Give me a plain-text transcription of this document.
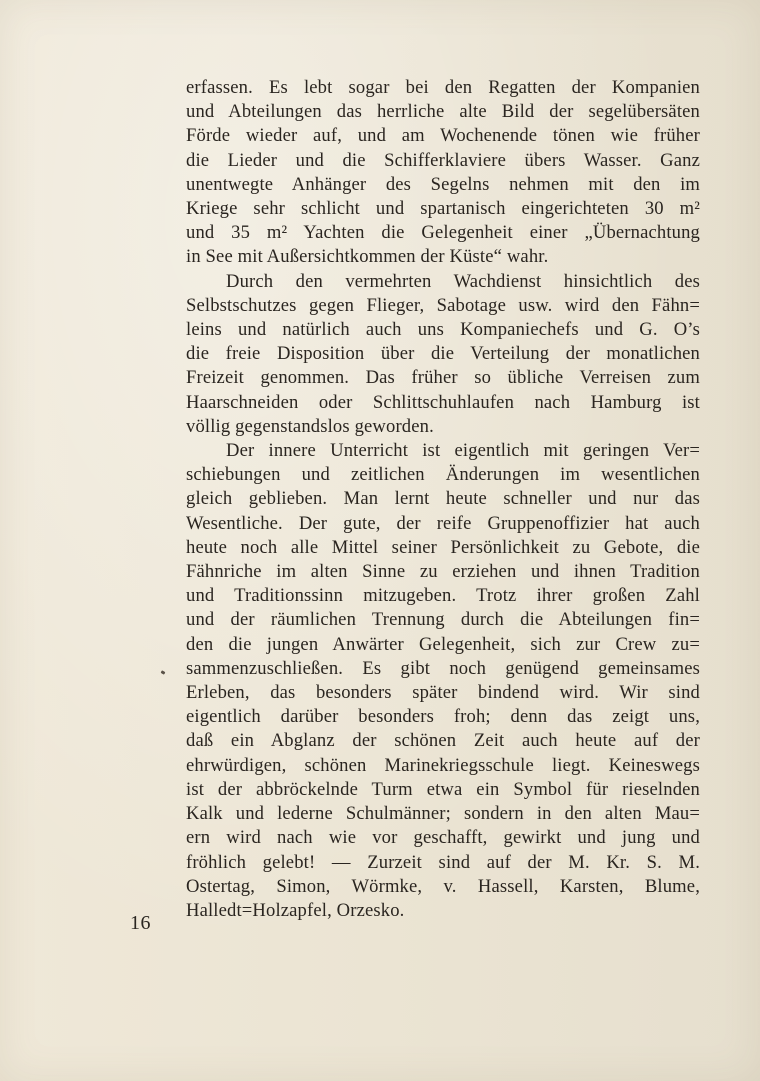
erfassen. Es lebt sogar bei den Regatten der Kompanien
und Abteilungen das herrliche alte Bild der segelübersäten
Förde wieder auf, und am Wochenende tönen wie früher
die Lieder und die Schifferklaviere übers Wasser. Ganz
unentwegte Anhänger des Segelns nehmen mit den im
Kriege sehr schlicht und spartanisch eingerichteten 30 m²
und 35 m² Yachten die Gelegenheit einer „Übernachtung
in See mit Außersichtkommen der Küste“ wahr.
Durch den vermehrten Wachdienst hinsichtlich des
Selbstschutzes gegen Flieger, Sabotage usw. wird den Fähn=
leins und natürlich auch uns Kompaniechefs und G. O’s
die freie Disposition über die Verteilung der monatlichen
Freizeit genommen. Das früher so übliche Verreisen zum
Haarschneiden oder Schlittschuhlaufen nach Hamburg ist
völlig gegenstandslos geworden.
Der innere Unterricht ist eigentlich mit geringen Ver=
schiebungen und zeitlichen Änderungen im wesentlichen
gleich geblieben. Man lernt heute schneller und nur das
Wesentliche. Der gute, der reife Gruppenoffizier hat auch
heute noch alle Mittel seiner Persönlichkeit zu Gebote, die
Fähnriche im alten Sinne zu erziehen und ihnen Tradition
und Traditionssinn mitzugeben. Trotz ihrer großen Zahl
und der räumlichen Trennung durch die Abteilungen fin=
den die jungen Anwärter Gelegenheit, sich zur Crew zu=
sammenzuschließen. Es gibt noch genügend gemeinsames
Erleben, das besonders später bindend wird. Wir sind
eigentlich darüber besonders froh; denn das zeigt uns,
daß ein Abglanz der schönen Zeit auch heute auf der
ehrwürdigen, schönen Marinekriegsschule liegt. Keineswegs
ist der abbröckelnde Turm etwa ein Symbol für rieselnden
Kalk und lederne Schulmänner; sondern in den alten Mau=
ern wird nach wie vor geschafft, gewirkt und jung und
fröhlich gelebt! — Zurzeit sind auf der M. Kr. S. M.
Ostertag, Simon, Wörmke, v. Hassell, Karsten, Blume,
Halledt=Holzapfel, Orzesko.
16
